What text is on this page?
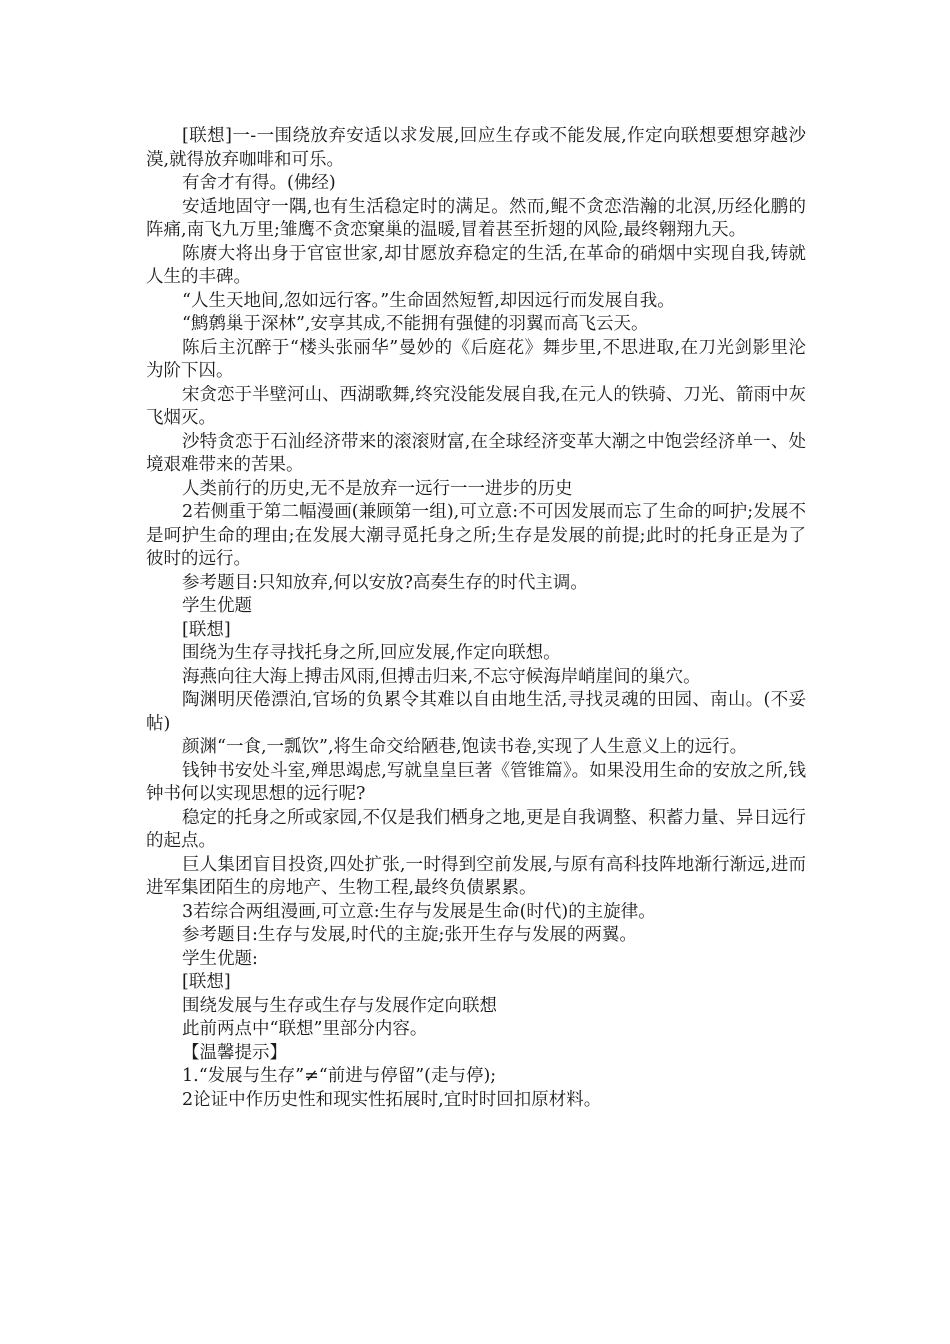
[联想]一-一围绕放弃安适以求发展,回应生存或不能发展,作定向联想要想穿越沙漠,就得放弃咖啡和可乐。

有舍才有得。(佛经)

安适地固守一隅,也有生活稳定时的满足。然而,鲲不贪恋浩瀚的北溟,历经化鹏的阵痛,南飞九万里;雏鹰不贪恋窠巢的温暖,冒着甚至折翅的风险,最终翱翔九天。

陈赓大将出身于官宦世家,却甘愿放弃稳定的生活,在革命的硝烟中实现自我,铸就人生的丰碑。

“人生天地间,忽如远行客。”生命固然短暂,却因远行而发展自我。

“鹪鹩巢于深林”,安享其成,不能拥有强健的羽翼而高飞云天。

陈后主沉醉于“楼头张丽华”曼妙的《后庭花》舞步里,不思进取,在刀光剑影里沦为阶下囚。

宋贪恋于半壁河山、西湖歌舞,终究没能发展自我,在元人的铁骑、刀光、箭雨中灰飞烟灭。

沙特贪恋于石汕经济带来的滚滚财富,在全球经济变革大潮之中饱尝经济单一、处境艰难带来的苦果。

人类前行的历史,无不是放弃一远行一一进步的历史

2若侧重于第二幅漫画(兼顾第一组),可立意:不可因发展而忘了生命的呵护;发展不是呵护生命的理由;在发展大潮寻觅托身之所;生存是发展的前提;此时的托身正是为了彼时的远行。

参考题目:只知放弃,何以安放?高奏生存的时代主调。

学生优题

[联想]

围绕为生存寻找托身之所,回应发展,作定向联想。

海燕向往大海上搏击风雨,但搏击归来,不忘守候海岸峭崖间的巢穴。

陶渊明厌倦漂泊,官场的负累令其难以自由地生活,寻找灵魂的田园、南山。(不妥帖)

颜渊“一食,一瓢饮”,将生命交给陋巷,饱读书卷,实现了人生意义上的远行。

钱钟书安处斗室,殚思竭虑,写就皇皇巨著《管锥篇》。如果没用生命的安放之所,钱钟书何以实现思想的远行呢?

稳定的托身之所或家园,不仅是我们栖身之地,更是自我调整、积蓄力量、异日远行的起点。

巨人集团盲目投资,四处扩张,一时得到空前发展,与原有高科技阵地渐行渐远,进而进军集团陌生的房地产、生物工程,最终负债累累。

3若综合两组漫画,可立意:生存与发展是生命(时代)的主旋律。

参考题目:生存与发展,时代的主旋;张开生存与发展的两翼。

学生优题:

[联想]

围绕发展与生存或生存与发展作定向联想

此前两点中“联想”里部分内容。

【温馨提示】

1.“发展与生存”≠“前进与停留”(走与停);

2论证中作历史性和现实性拓展时,宜时时回扣原材料。
